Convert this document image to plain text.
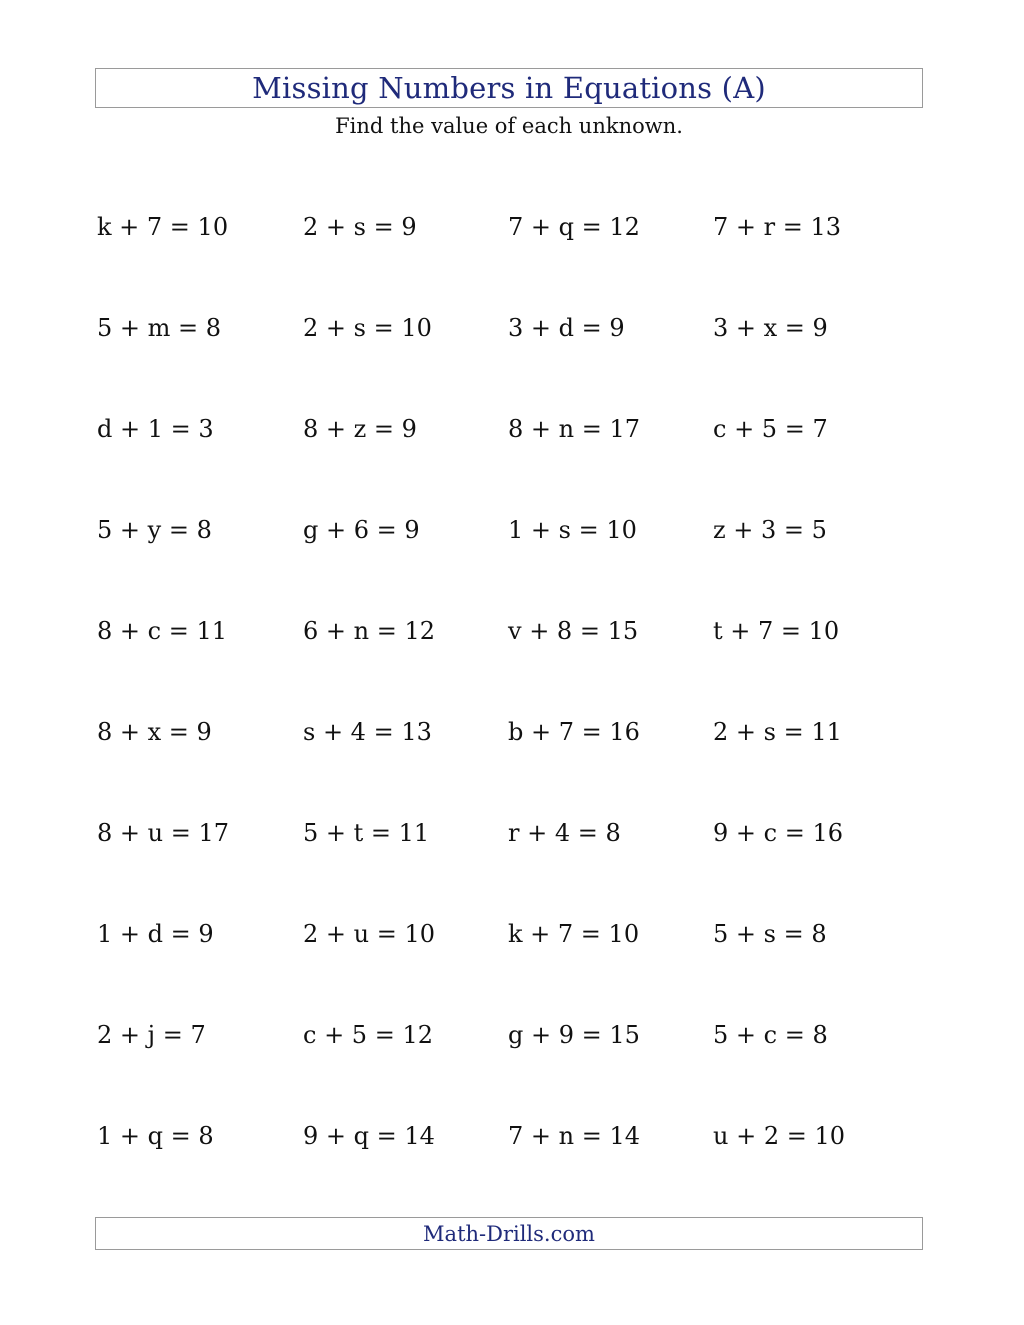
Missing Numbers in Equations (A)
Find the value of each unknown.
k + 7 = 10	2 + s = 9	7 + q = 12	7 + r = 13
5 + m = 8	2 + s = 10	3 + d = 9	3 + x = 9
d + 1 = 3	8 + z = 9	8 + n = 17	c + 5 = 7
5 + y = 8	g + 6 = 9	1 + s = 10	z + 3 = 5
8 + c = 11	6 + n = 12	v + 8 = 15	t + 7 = 10
8 + x = 9	s + 4 = 13	b + 7 = 16	2 + s = 11
8 + u = 17	5 + t = 11	r + 4 = 8	9 + c = 16
1 + d = 9	2 + u = 10	k + 7 = 10	5 + s = 8
2 + j = 7	c + 5 = 12	g + 9 = 15	5 + c = 8
1 + q = 8	9 + q = 14	7 + n = 14	u + 2 = 10
Math-Drills.com
